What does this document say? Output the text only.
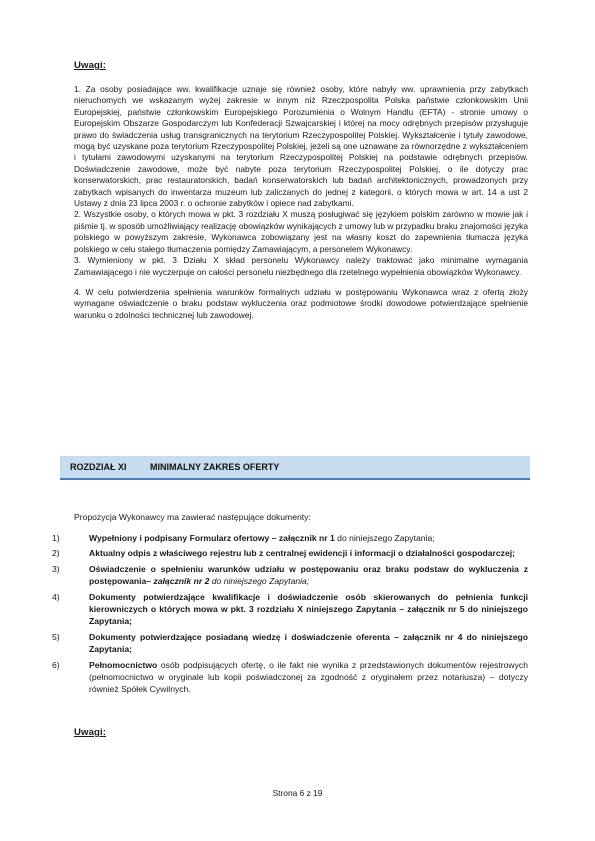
Uwagi:

1. Za osoby posiadające ww. kwalifikacje uznaje się również osoby, które nabyły ww. uprawnienia przy zabytkach nieruchomych we wskazanym wyżej zakresie w innym niż Rzeczpospolita Polska państwie członkowskim Unii Europejskiej, państwie członkowskim Europejskiego Porozumienia o Wolnym Handlu (EFTA) - stronie umowy o Europejskim Obszarze Gospodarczym lub Konfederacji Szwajcarskiej i której na mocy odrębnych przepisów przysługuje prawo do świadczenia usług transgranicznych na terytorium Rzeczypospolitej Polskiej. Wykształcenie i tytuły zawodowe, mogą być uzyskane poza terytorium Rzeczypospolitej Polskiej, jeżeli są one uznawane za równorzędne z wykształceniem i tytułami zawodowymi uzyskanymi na terytorium Rzeczypospolitej Polskiej na podstawie odrębnych przepisów. Doświadczenie zawodowe, może być nabyte poza terytorium Rzeczypospolitej Polskiej, o ile dotyczy prac konserwatorskich, prac restauratorskich, badań konserwatorskich lub badań architektonicznych, prowadzonych przy zabytkach wpisanych do inwentarza muzeum lub zaliczanych do jednej z kategorii, o których mowa w art. 14 a ust 2 Ustawy z dnia 23 lipca 2003 r. o ochronie zabytków i opiece nad zabytkami.

2. Wszystkie osoby, o których mowa w pkt. 3 rozdziału X muszą posługiwać się językiem polskim zarówno w mowie jak i piśmie tj. w sposób umożliwiający realizację obowiązków wynikających z umowy lub w przypadku braku znajomości języka polskiego w powyższym zakresie, Wykonawca zobowiązany jest na własny koszt do zapewnienia tłumacza języka polskiego w celu stałego tłumaczenia pomiędzy Zamawiającym, a personelem Wykonawcy.

3. Wymieniony w pkt. 3 Działu X skład personelu Wykonawcy należy traktować jako minimalne wymagania Zamawiającego i nie wyczerpuje on całości personelu niezbędnego dla rzetelnego wypełnienia obowiązków Wykonawcy.

4. W celu potwierdzenia spełnienia warunków formalnych udziału w postępowaniu Wykonawca wraz z ofertą złoży wymagane oświadczenie o braku podstaw wykluczenia oraz podmiotowe środki dowodowe potwierdzające spełnienie warunku o zdolności technicznej lub zawodowej.

ROZDZIAŁ XI	MINIMALNY ZAKRES OFERTY
Propozycja Wykonawcy ma zawierać następujące dokumenty:
1)	Wypełniony i podpisany Formularz ofertowy – załącznik nr 1 do niniejszego Zapytania;
2)	Aktualny odpis z właściwego rejestru lub z centralnej ewidencji i informacji o działalności gospodarczej;
3)	Oświadczenie o spełnieniu warunków udziału w postępowaniu oraz braku podstaw do wykluczenia z postępowania– załącznik nr 2 do niniejszego Zapytania;
4)	Dokumenty potwierdzające kwalifikacje i doświadczenie osób skierowanych do pełnienia funkcji kierowniczych o których mowa w pkt. 3 rozdziału X niniejszego Zapytania – załącznik nr 5 do niniejszego Zapytania;
5)	Dokumenty potwierdzające posiadaną wiedzę i doświadczenie oferenta – załącznik nr 4 do niniejszego Zapytania;
6)	Pełnomocnictwo osób podpisujących ofertę, o ile fakt nie wynika z przedstawionych dokumentów rejestrowych (pełnomocnictwo w oryginale lub kopii poświadczonej za zgodność z oryginałem przez notariusza) – dotyczy również Spółek Cywilnych.
Uwagi:
Strona 6 z 19
